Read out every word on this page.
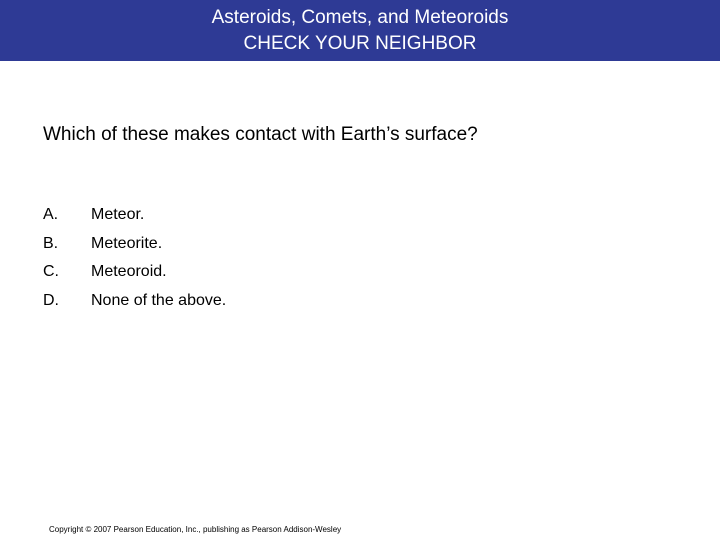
Asteroids, Comets, and Meteoroids
CHECK YOUR NEIGHBOR
Which of these makes contact with Earth’s surface?
A.	Meteor.
B.	Meteorite.
C.	Meteoroid.
D.	None of the above.
Copyright © 2007 Pearson Education, Inc., publishing as Pearson Addison-Wesley
